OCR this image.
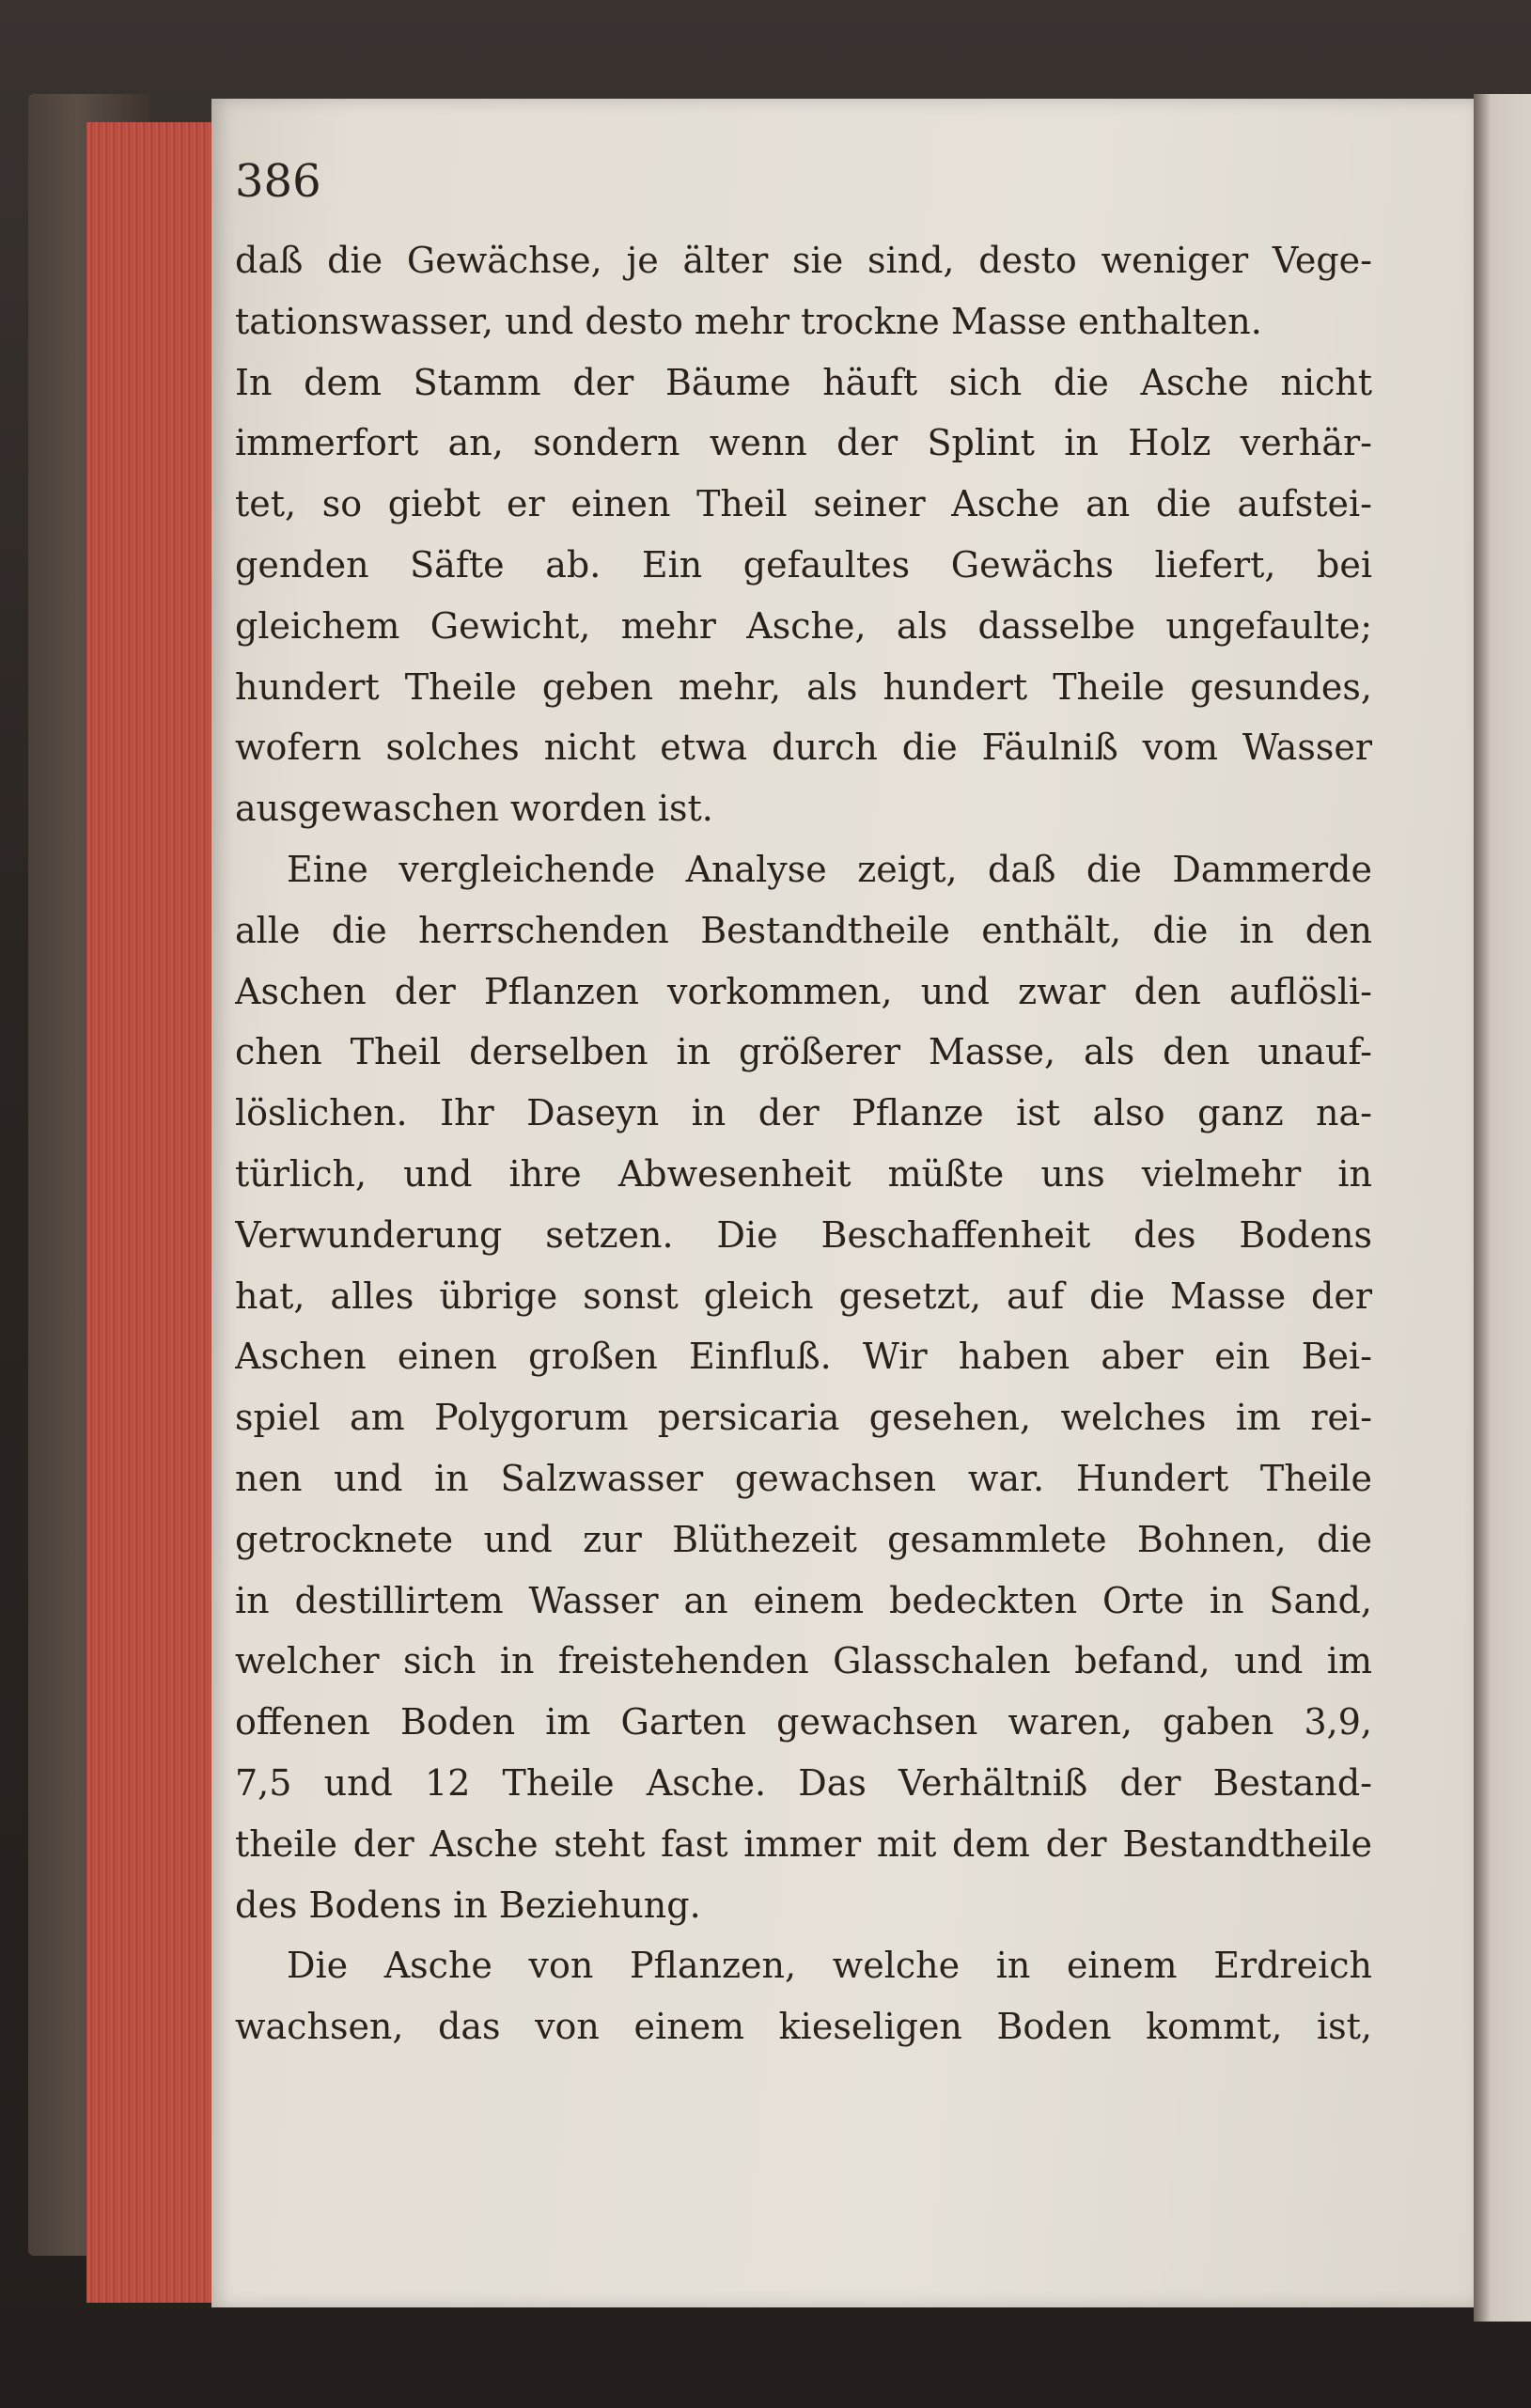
386
daß die Gewächse, je älter sie sind, desto weniger Vege-
tationswasser, und desto mehr trockne Masse enthalten.
In dem Stamm der Bäume häuft sich die Asche nicht
immerfort an, sondern wenn der Splint in Holz verhär-
tet, so giebt er einen Theil seiner Asche an die aufstei-
genden Säfte ab. Ein gefaultes Gewächs liefert, bei
gleichem Gewicht, mehr Asche, als dasselbe ungefaulte;
hundert Theile geben mehr, als hundert Theile gesundes,
wofern solches nicht etwa durch die Fäulniß vom Wasser
ausgewaschen worden ist.
Eine vergleichende Analyse zeigt, daß die Dammerde
alle die herrschenden Bestandtheile enthält, die in den
Aschen der Pflanzen vorkommen, und zwar den auflösli-
chen Theil derselben in größerer Masse, als den unauf-
löslichen. Ihr Daseyn in der Pflanze ist also ganz na-
türlich, und ihre Abwesenheit müßte uns vielmehr in
Verwunderung setzen. Die Beschaffenheit des Bodens
hat, alles übrige sonst gleich gesetzt, auf die Masse der
Aschen einen großen Einfluß. Wir haben aber ein Bei-
spiel am Polygorum persicaria gesehen, welches im rei-
nen und in Salzwasser gewachsen war. Hundert Theile
getrocknete und zur Blüthezeit gesammlete Bohnen, die
in destillirtem Wasser an einem bedeckten Orte in Sand,
welcher sich in freistehenden Glasschalen befand, und im
offenen Boden im Garten gewachsen waren, gaben 3,9,
7,5 und 12 Theile Asche. Das Verhältniß der Bestand-
theile der Asche steht fast immer mit dem der Bestandtheile
des Bodens in Beziehung.
Die Asche von Pflanzen, welche in einem Erdreich
wachsen, das von einem kieseligen Boden kommt, ist,
